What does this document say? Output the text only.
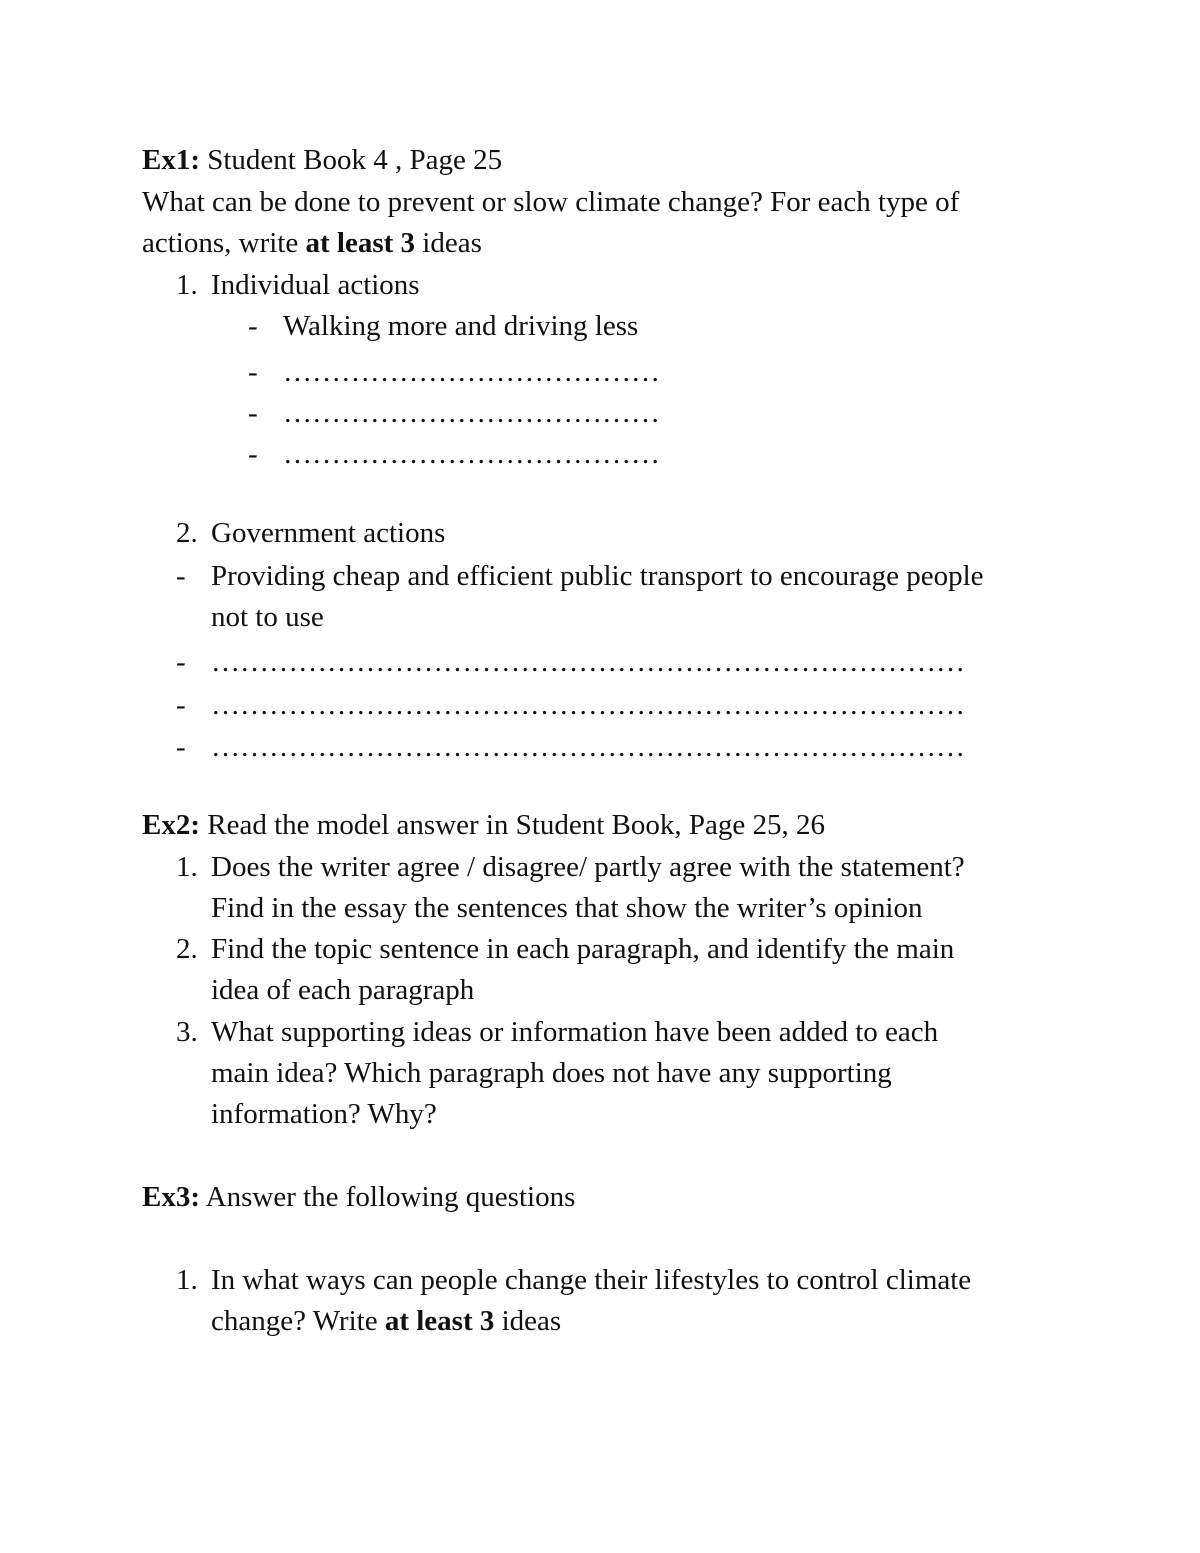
Ex1: Student Book 4 , Page 25
What can be done to prevent or slow climate change? For each type of
actions, write at least 3 ideas
1. Individual actions
- Walking more and driving less
- …………………………………
- …………………………………
- …………………………………
2. Government actions
- Providing cheap and efficient public transport to encourage people
not to use
- ……………………………………………………………………
- ……………………………………………………………………
- ……………………………………………………………………
Ex2: Read the model answer in Student Book, Page 25, 26
1. Does the writer agree / disagree/ partly agree with the statement?
Find in the essay the sentences that show the writer’s opinion
2. Find the topic sentence in each paragraph, and identify the main
idea of each paragraph
3. What supporting ideas or information have been added to each
main idea? Which paragraph does not have any supporting
information? Why?
Ex3: Answer the following questions
1. In what ways can people change their lifestyles to control climate
change? Write at least 3 ideas
